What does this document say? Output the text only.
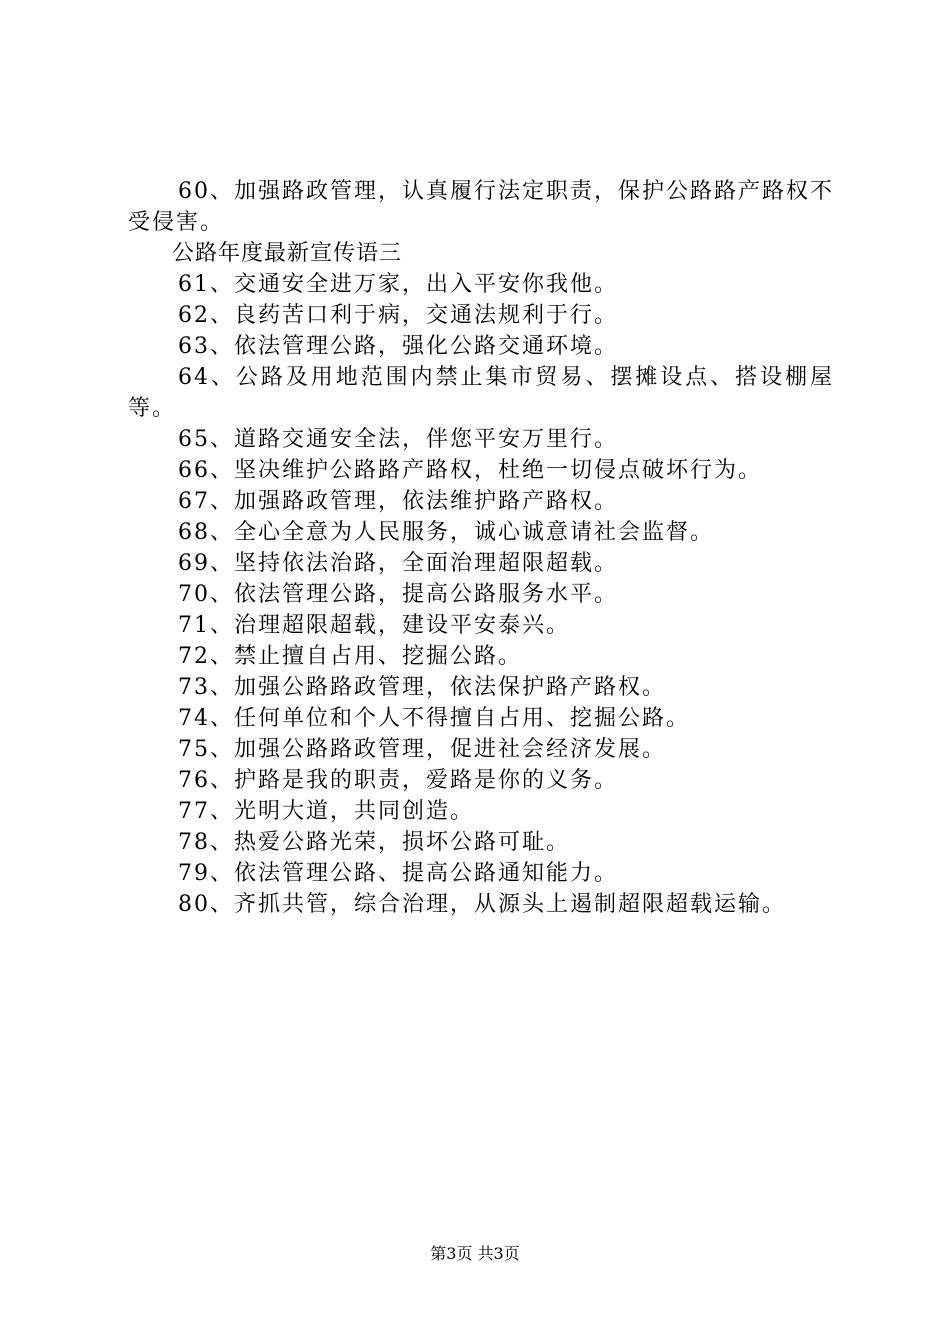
60、加强路政管理，认真履行法定职责，保护公路路产路权不受侵害。

公路年度最新宣传语三

61、交通安全进万家，出入平安你我他。

62、良药苦口利于病，交通法规利于行。

63、依法管理公路，强化公路交通环境。

64、公路及用地范围内禁止集市贸易、摆摊设点、搭设棚屋等。

65、道路交通安全法，伴您平安万里行。

66、坚决维护公路路产路权，杜绝一切侵点破坏行为。

67、加强路政管理，依法维护路产路权。

68、全心全意为人民服务，诚心诚意请社会监督。

69、坚持依法治路，全面治理超限超载。

70、依法管理公路，提高公路服务水平。

71、治理超限超载，建设平安泰兴。

72、禁止擅自占用、挖掘公路。

73、加强公路路政管理，依法保护路产路权。

74、任何单位和个人不得擅自占用、挖掘公路。

75、加强公路路政管理，促进社会经济发展。

76、护路是我的职责，爱路是你的义务。

77、光明大道，共同创造。

78、热爱公路光荣，损坏公路可耻。

79、依法管理公路、提高公路通知能力。

80、齐抓共管，综合治理，从源头上遏制超限超载运输。

第3页 共3页
